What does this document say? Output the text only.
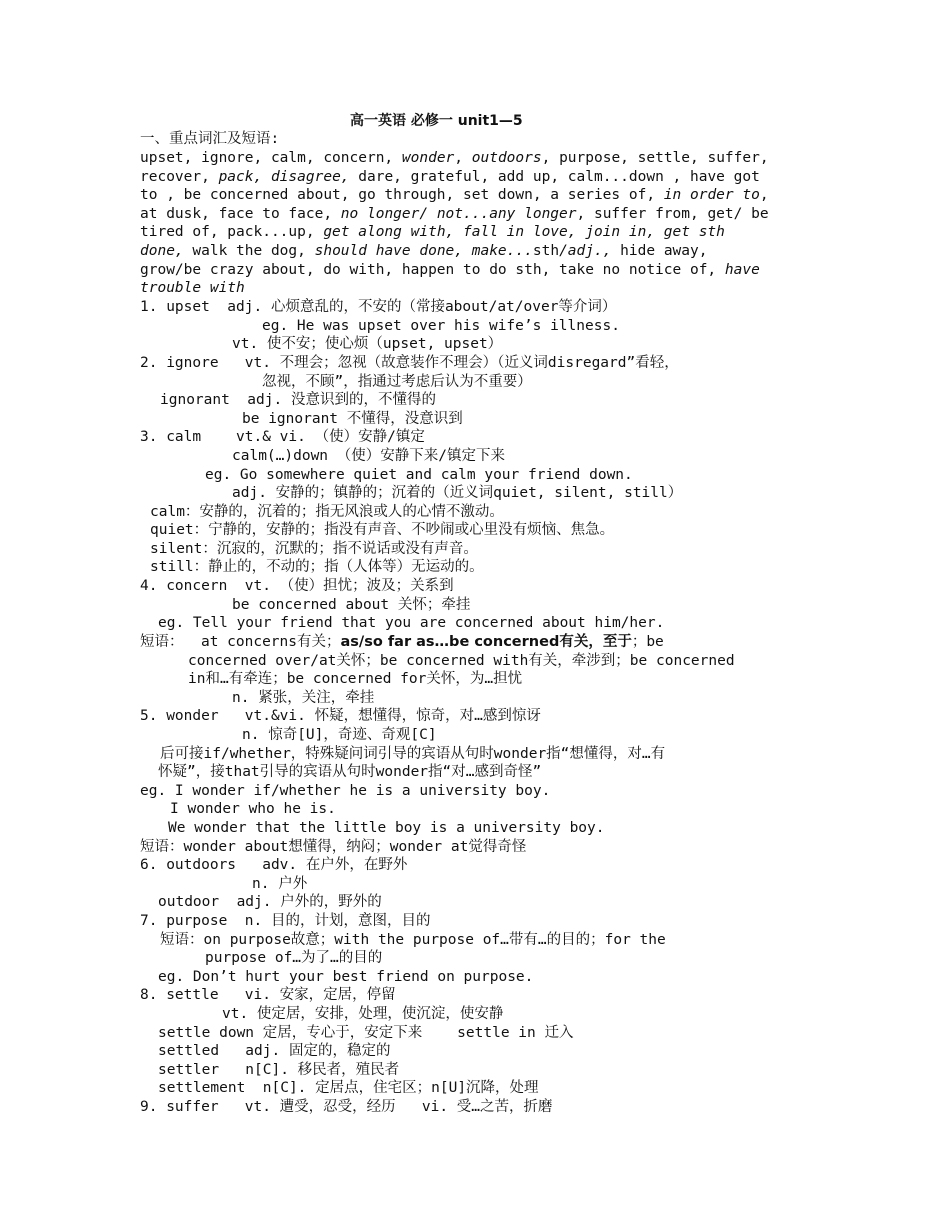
高一英语 必修一 unit1—5
一、重点词汇及短语:
upset, ignore, calm, concern, wonder, outdoors, purpose, settle, suffer,
recover, pack, disagree, dare, grateful, add up, calm...down , have got
to , be concerned about, go through, set down, a series of, in order to,
at dusk, face to face, no longer/ not...any longer, suffer from, get/ be
tired of, pack...up, get along with, fall in love, join in, get sth
done, walk the dog, should have done, make...sth/adj., hide away,
grow/be crazy about, do with, happen to do sth, take no notice of, have
trouble with
1. upset  adj. 心烦意乱的，不安的（常接about/at/over等介词）
eg. He was upset over his wife’s illness.
vt. 使不安；使心烦（upset, upset）
2. ignore   vt. 不理会；忽视（故意装作不理会）（近义词disregard”看轻，
忽视，不顾”，指通过考虑后认为不重要）
ignorant  adj. 没意识到的，不懂得的
be ignorant 不懂得，没意识到
3. calm    vt.& vi. （使）安静/镇定
calm(…)down （使）安静下来/镇定下来
eg. Go somewhere quiet and calm your friend down.
adj. 安静的；镇静的；沉着的（近义词quiet, silent, still）
calm：安静的，沉着的；指无风浪或人的心情不激动。
quiet：宁静的，安静的；指没有声音、不吵闹或心里没有烦恼、焦急。
silent：沉寂的，沉默的；指不说话或没有声音。
still：静止的，不动的；指（人体等）无运动的。
4. concern  vt. （使）担忧；波及；关系到
be concerned about 关怀；牵挂
eg. Tell your friend that you are concerned about him/her.
短语：  at concerns有关；as/so far as…be concerned有关，至于；be
concerned over/at关怀；be concerned with有关，牵涉到；be concerned
in和…有牵连；be concerned for关怀，为…担忧
n. 紧张，关注，牵挂
5. wonder   vt.&vi. 怀疑，想懂得，惊奇，对…感到惊讶
n. 惊奇[U]，奇迹、奇观[C]
后可接if/whether，特殊疑问词引导的宾语从句时wonder指“想懂得，对…有
怀疑”，接that引导的宾语从句时wonder指“对…感到奇怪”
eg. I wonder if/whether he is a university boy.
I wonder who he is.
We wonder that the little boy is a university boy.
短语：wonder about想懂得，纳闷；wonder at觉得奇怪
6. outdoors   adv. 在户外，在野外
n. 户外
outdoor  adj. 户外的，野外的
7. purpose  n. 目的，计划，意图，目的
短语：on purpose故意；with the purpose of…带有…的目的；for the
purpose of…为了…的目的
eg. Don’t hurt your best friend on purpose.
8. settle   vi. 安家，定居，停留
vt. 使定居，安排，处理，使沉淀，使安静
settle down 定居，专心于，安定下来    settle in 迁入
settled   adj. 固定的，稳定的
settler   n[C]. 移民者，殖民者
settlement  n[C]. 定居点，住宅区；n[U]沉降，处理
9. suffer   vt. 遭受，忍受，经历   vi. 受…之苦，折磨
